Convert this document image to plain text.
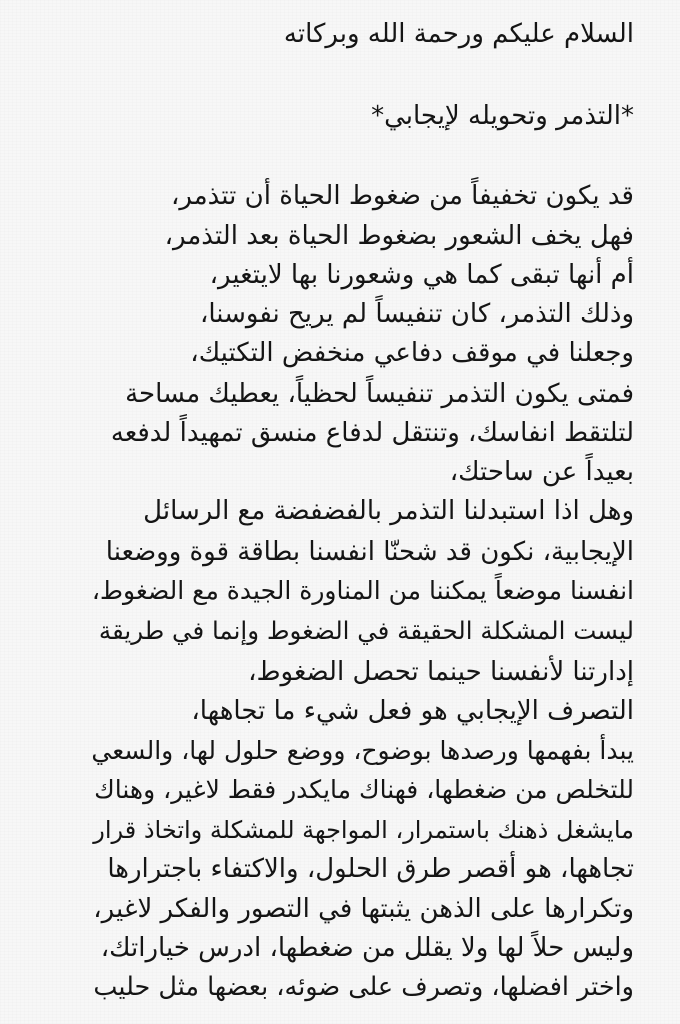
السلام عليكم ورحمة الله وبركاته
*التذمر وتحويله لإيجابي*
قد يكون تخفيفاً من ضغوط الحياة أن تتذمر،
فهل يخف الشعور بضغوط الحياة بعد التذمر،
أم أنها تبقى كما هي وشعورنا بها لايتغير،
وذلك التذمر، كان تنفيساً لم يريح نفوسنا،
وجعلنا في موقف دفاعي منخفض التكتيك،
فمتى يكون التذمر تنفيساً لحظياً، يعطيك مساحة
لتلتقط انفاسك، وتنتقل لدفاع منسق تمهيداً لدفعه
بعيداً عن ساحتك،
وهل اذا استبدلنا التذمر بالفضفضة مع الرسائل
الإيجابية، نكون قد شحنّا انفسنا بطاقة قوة ووضعنا
انفسنا موضعاً يمكننا من المناورة الجيدة مع الضغوط،
ليست المشكلة الحقيقة في الضغوط وإنما في طريقة
إدارتنا لأنفسنا حينما تحصل الضغوط،
التصرف الإيجابي هو فعل شيء ما تجاهها،
يبدأ بفهمها ورصدها بوضوح، ووضع حلول لها، والسعي
للتخلص من ضغطها، فهناك مايكدر فقط لاغير، وهناك
مايشغل ذهنك باستمرار، المواجهة للمشكلة واتخاذ قرار
تجاهها، هو أقصر طرق الحلول، والاكتفاء باجترارها
وتكرارها على الذهن يثبتها في التصور والفكر لاغير،
وليس حلاً لها ولا يقلل من ضغطها، ادرس خياراتك،
واختر افضلها، وتصرف على ضوئه، بعضها مثل حليب
